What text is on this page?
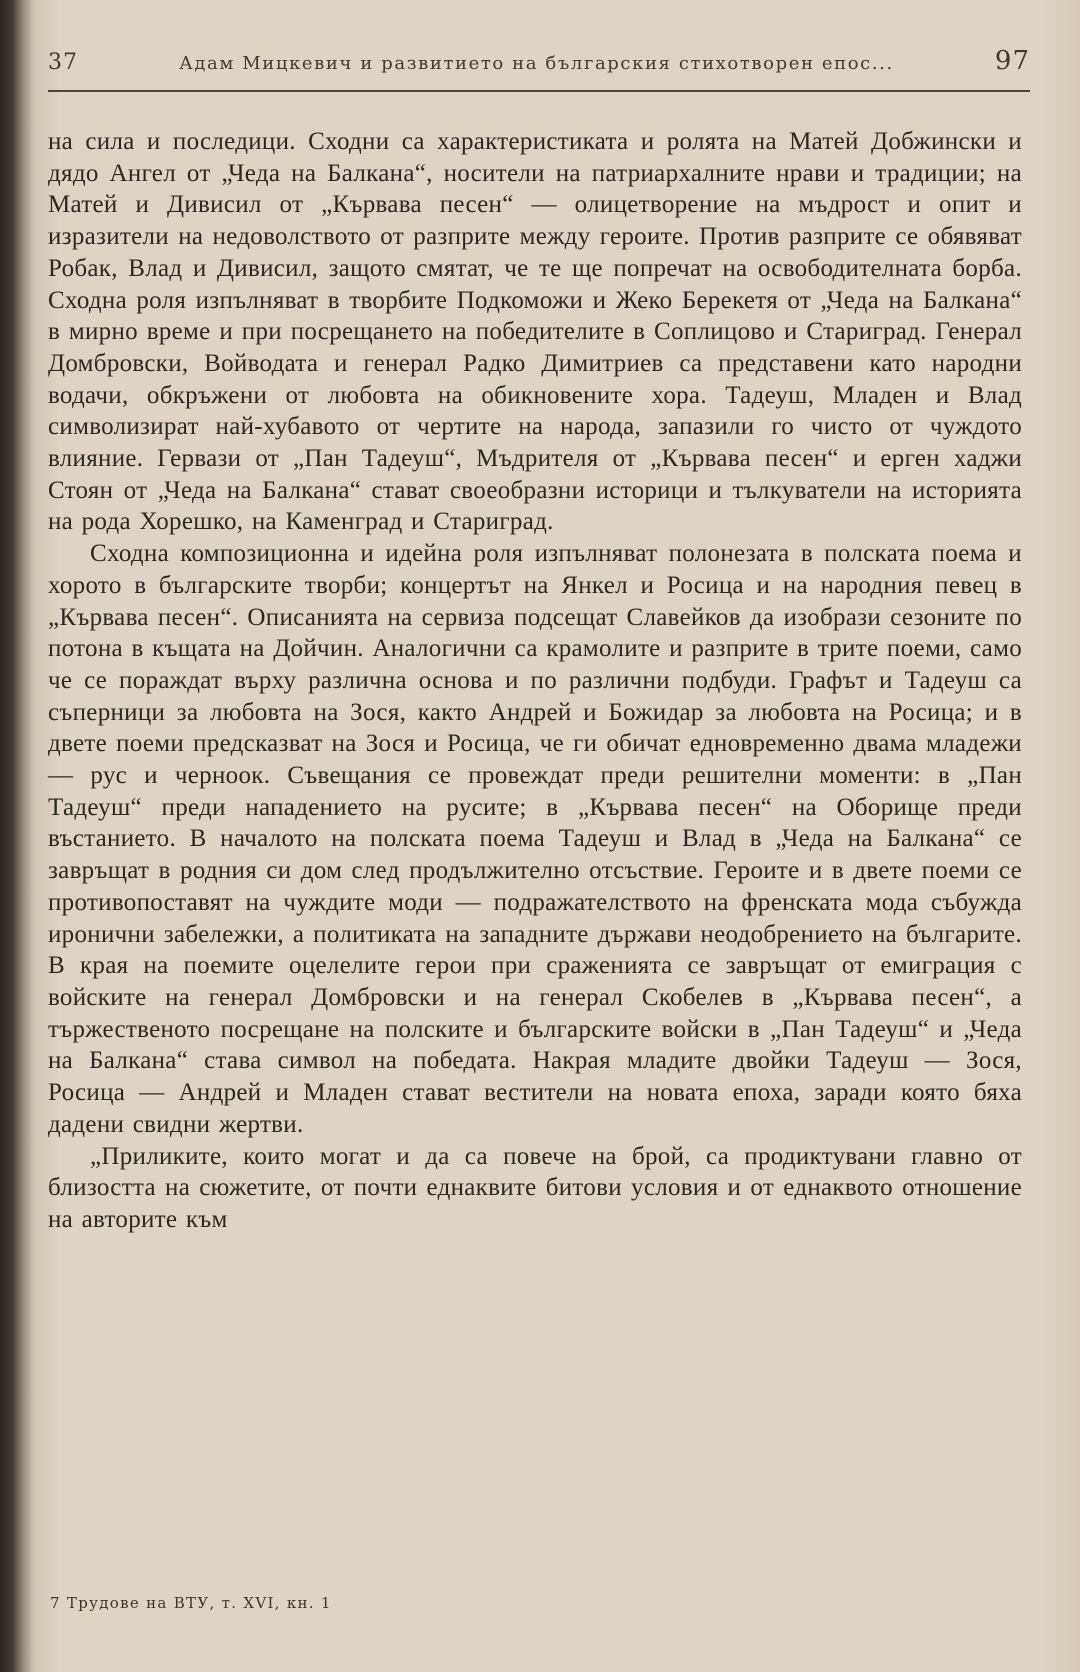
37	Адам Мицкевич и развитието на българския стихотворен епос...	97

на сила и последици. Сходни са характеристиката и ролята на Матей Добжински и дядо Ангел от „Чеда на Балкана“, носители на патриархалните нрави и традиции; на Матей и Дивисил от „Кървава песен“ — олицетворение на мъдрост и опит и изразители на недоволството от разприте между героите. Против разприте се обявяват Робак, Влад и Дивисил, защото смятат, че те ще попречат на освободителната борба. Сходна роля изпълняват в творбите Подкоможи и Жеко Берекетя от „Чеда на Балкана“ в мирно време и при посрещането на победителите в Соплицово и Стариград. Генерал Домбровски, Войводата и генерал Радко Димитриев са представени като народни водачи, обкръжени от любовта на обикновените хора. Тадеуш, Младен и Влад символизират най-хубавото от чертите на народа, запазили го чисто от чуждото влияние. Гервази от „Пан Тадеуш“, Мъдрителя от „Кървава песен“ и ерген хаджи Стоян от „Чеда на Балкана“ стават своеобразни историци и тълкуватели на историята на рода Хорешко, на Каменград и Стариград.

Сходна композиционна и идейна роля изпълняват полонезата в полската поема и хорото в българските творби; концертът на Янкел и Росица и на народния певец в „Кървава песен“. Описанията на сервиза подсещат Славейков да изобрази сезоните по потона в къщата на Дойчин. Аналогични са крамолите и разприте в трите поеми, само че се пораждат върху различна основа и по различни подбуди. Графът и Тадеуш са съперници за любовта на Зося, както Андрей и Божидар за любовта на Росица; и в двете поеми предсказват на Зося и Росица, че ги обичат едновременно двама младежи — рус и черноок. Съвещания се провеждат преди решителни моменти: в „Пан Тадеуш“ преди нападението на русите; в „Кървава песен“ на Оборище преди въстанието. В началото на полската поема Тадеуш и Влад в „Чеда на Балкана“ се завръщат в родния си дом след продължително отсъствие. Героите и в двете поеми се противопоставят на чуждите моди — подражателството на френската мода събужда иронични забележки, а политиката на западните държави неодобрението на българите. В края на поемите оцелелите герои при сраженията се завръщат от емиграция с войските на генерал Домбровски и на генерал Скобелев в „Кървава песен“, а тържественото посрещане на полските и българските войски в „Пан Тадеуш“ и „Чеда на Балкана“ става символ на победата. Накрая младите двойки Тадеуш — Зося, Росица — Андрей и Младен стават вестители на новата епоха, заради която бяха дадени свидни жертви.

„Приликите, които могат и да са повече на брой, са продиктувани главно от близостта на сюжетите, от почти еднаквите битови условия и от еднаквото отношение на авторите към

7 Трудове на ВТУ, т. XVI, кн. 1
